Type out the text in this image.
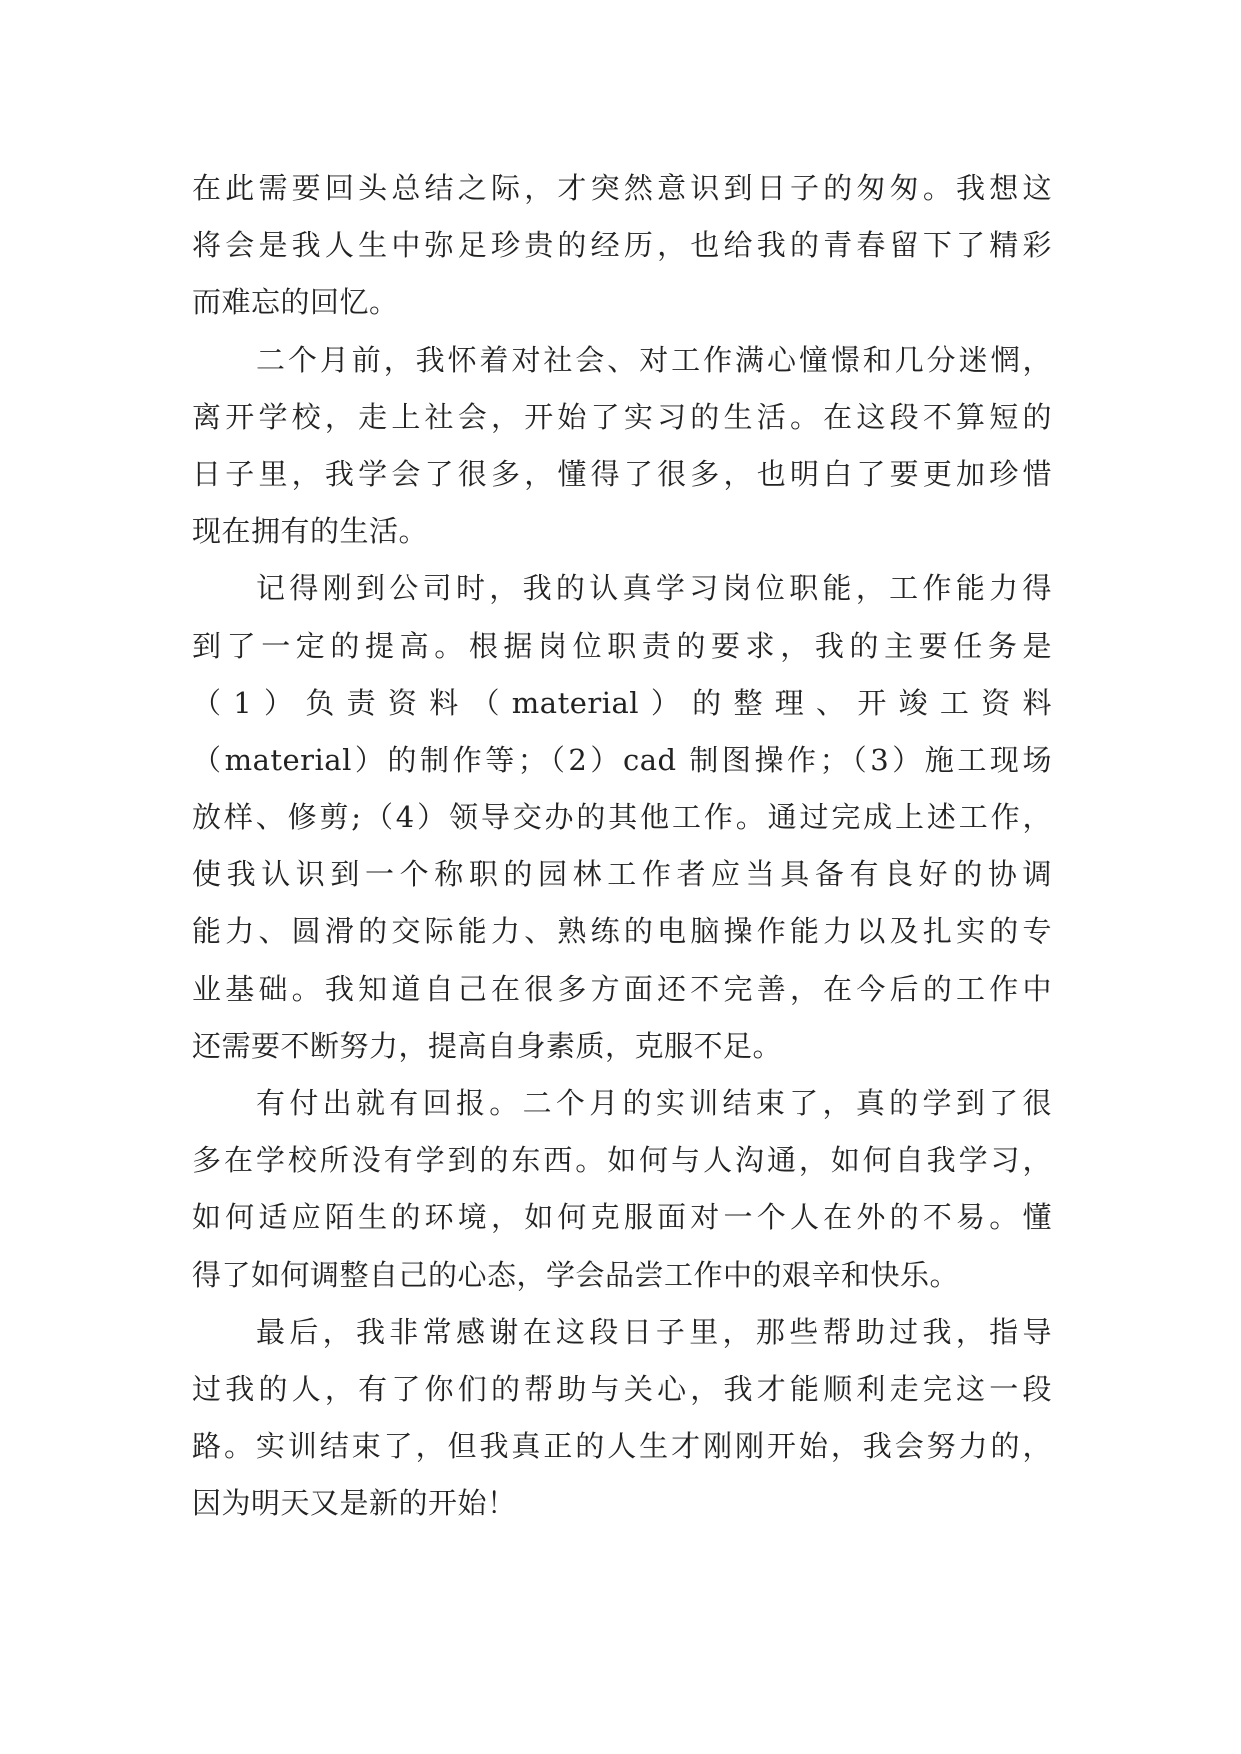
在此需要回头总结之际，才突然意识到日子的匆匆。我想这
将会是我人生中弥足珍贵的经历，也给我的青春留下了精彩
而难忘的回忆。
二个月前，我怀着对社会、对工作满心憧憬和几分迷惘，
离开学校，走上社会，开始了实习的生活。在这段不算短的
日子里，我学会了很多，懂得了很多，也明白了要更加珍惜
现在拥有的生活。
记得刚到公司时，我的认真学习岗位职能，工作能力得
到了一定的提高。根据岗位职责的要求，我的主要任务是
（1）负责资料（material）的整理、开竣工资料
（material）的制作等；（2）cad 制图操作；（3）施工现场
放样、修剪;（4）领导交办的其他工作。通过完成上述工作，
使我认识到一个称职的园林工作者应当具备有良好的协调
能力、圆滑的交际能力、熟练的电脑操作能力以及扎实的专
业基础。我知道自己在很多方面还不完善，在今后的工作中
还需要不断努力，提高自身素质，克服不足。
有付出就有回报。二个月的实训结束了，真的学到了很
多在学校所没有学到的东西。如何与人沟通，如何自我学习，
如何适应陌生的环境，如何克服面对一个人在外的不易。懂
得了如何调整自己的心态，学会品尝工作中的艰辛和快乐。
最后，我非常感谢在这段日子里，那些帮助过我，指导
过我的人，有了你们的帮助与关心，我才能顺利走完这一段
路。实训结束了，但我真正的人生才刚刚开始，我会努力的，
因为明天又是新的开始！
